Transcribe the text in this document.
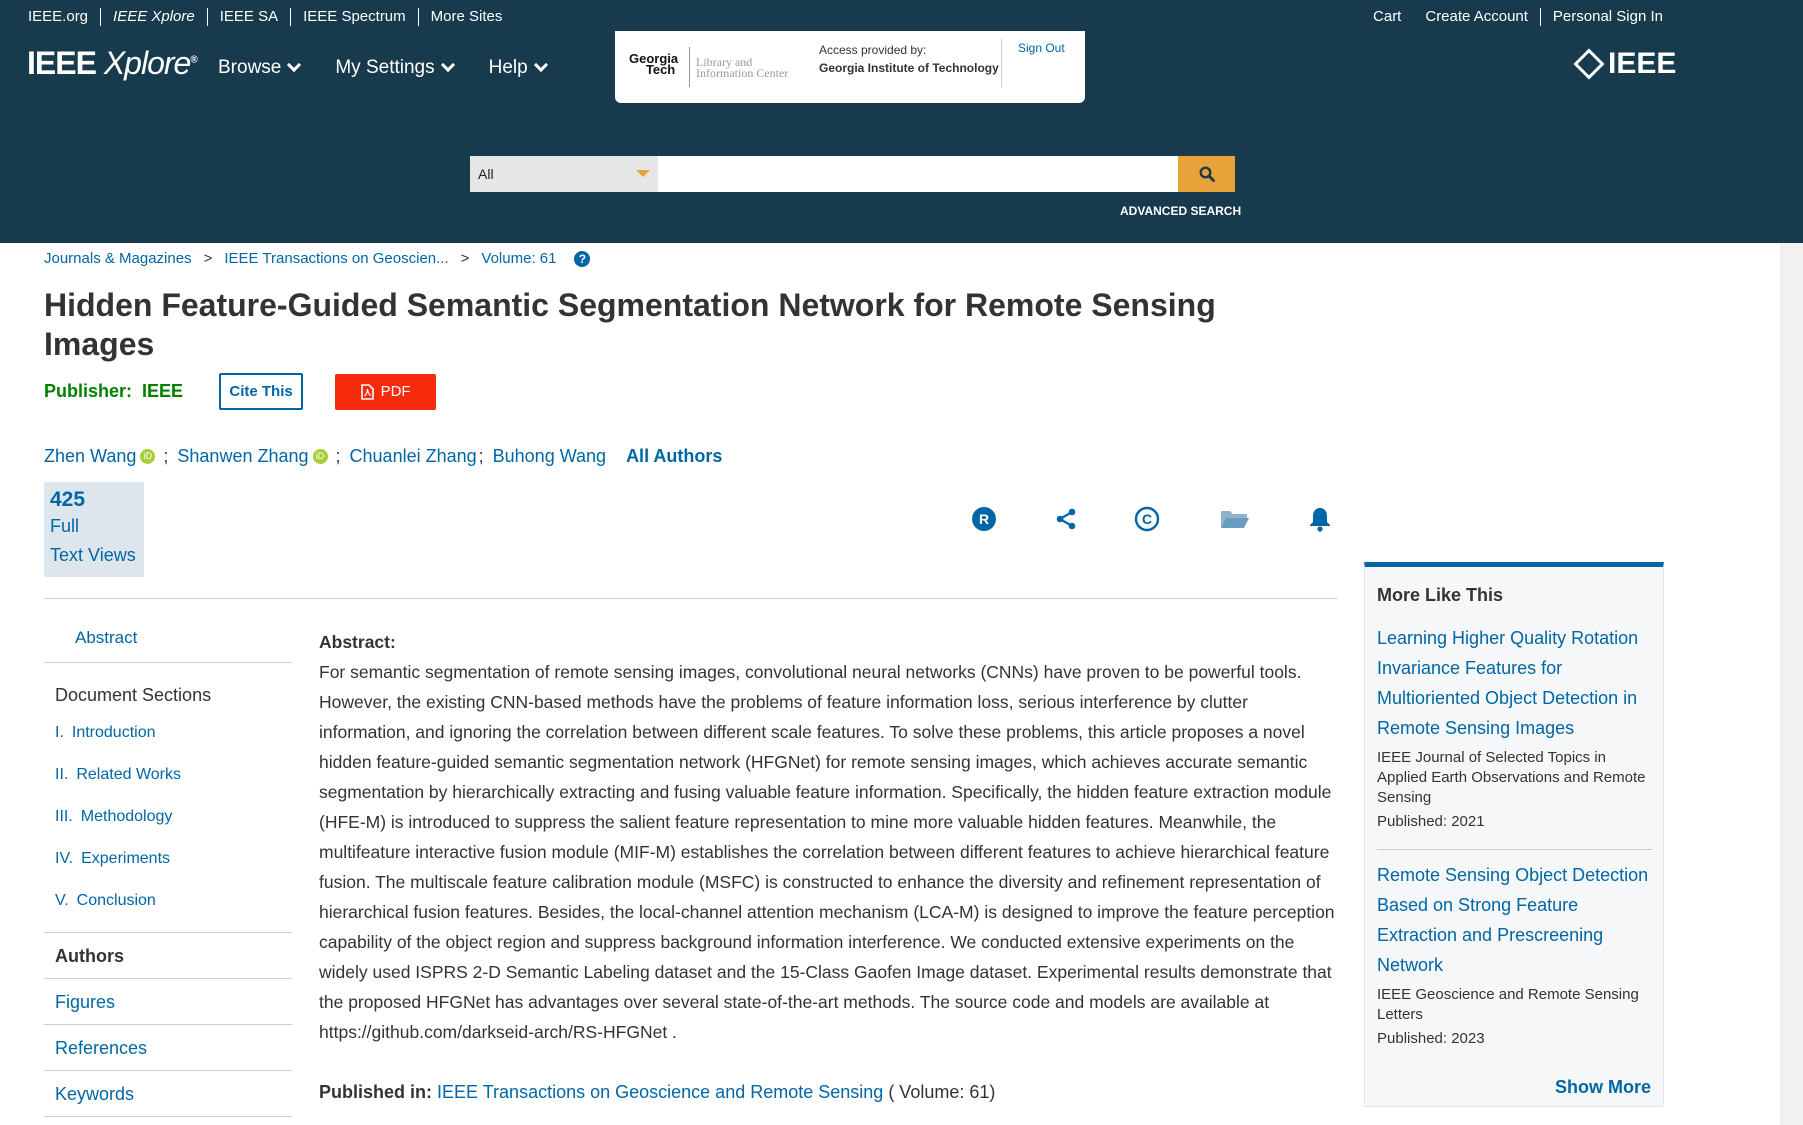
IEEE.org	IEEE Xplore	IEEE SA	IEEE Spectrum	More Sites	Cart	Create Account	Personal Sign In
IEEE Xplore® Browse	My Settings	Help	Georgia
Tech Library and
Information Center
Access provided by:
Georgia Institute of Technology
Sign Out	IEEE
All
ADVANCED SEARCH
Journals & Magazines > IEEE Transactions on Geoscien... > Volume: 61	?
Hidden Feature-Guided Semantic Segmentation Network for Remote Sensing Images
Publisher: IEEE	Cite This	PDF
Zhen Wang iD ; Shanwen Zhang iD ; Chuanlei Zhang ; Buhong Wang All Authors
425
Full
Text Views
R	C
Abstract
Document Sections
I. Introduction
II. Related Works
III. Methodology
IV. Experiments
V. Conclusion
Authors
Figures
References
Keywords
Abstract:
For semantic segmentation of remote sensing images, convolutional neural networks (CNNs) have proven to be powerful tools. However, the existing CNN-based methods have the problems of feature information loss, serious interference by clutter information, and ignoring the correlation between different scale features. To solve these problems, this article proposes a novel hidden feature-guided semantic segmentation network (HFGNet) for remote sensing images, which achieves accurate semantic segmentation by hierarchically extracting and fusing valuable feature information. Specifically, the hidden feature extraction module (HFE-M) is introduced to suppress the salient feature representation to mine more valuable hidden features. Meanwhile, the multifeature interactive fusion module (MIF-M) establishes the correlation between different features to achieve hierarchical feature fusion. The multiscale feature calibration module (MSFC) is constructed to enhance the diversity and refinement representation of hierarchical fusion features. Besides, the local-channel attention mechanism (LCA-M) is designed to improve the feature perception capability of the object region and suppress background information interference. We conducted extensive experiments on the widely used ISPRS 2-D Semantic Labeling dataset and the 15-Class Gaofen Image dataset. Experimental results demonstrate that the proposed HFGNet has advantages over several state-of-the-art methods. The source code and models are available at https://github.com/darkseid-arch/RS-HFGNet .
Published in: IEEE Transactions on Geoscience and Remote Sensing ( Volume: 61)
More Like This
Learning Higher Quality Rotation Invariance Features for Multioriented Object Detection in Remote Sensing Images
IEEE Journal of Selected Topics in Applied Earth Observations and Remote Sensing
Published: 2021
Remote Sensing Object Detection Based on Strong Feature Extraction and Prescreening Network
IEEE Geoscience and Remote Sensing Letters
Published: 2023
Show More
